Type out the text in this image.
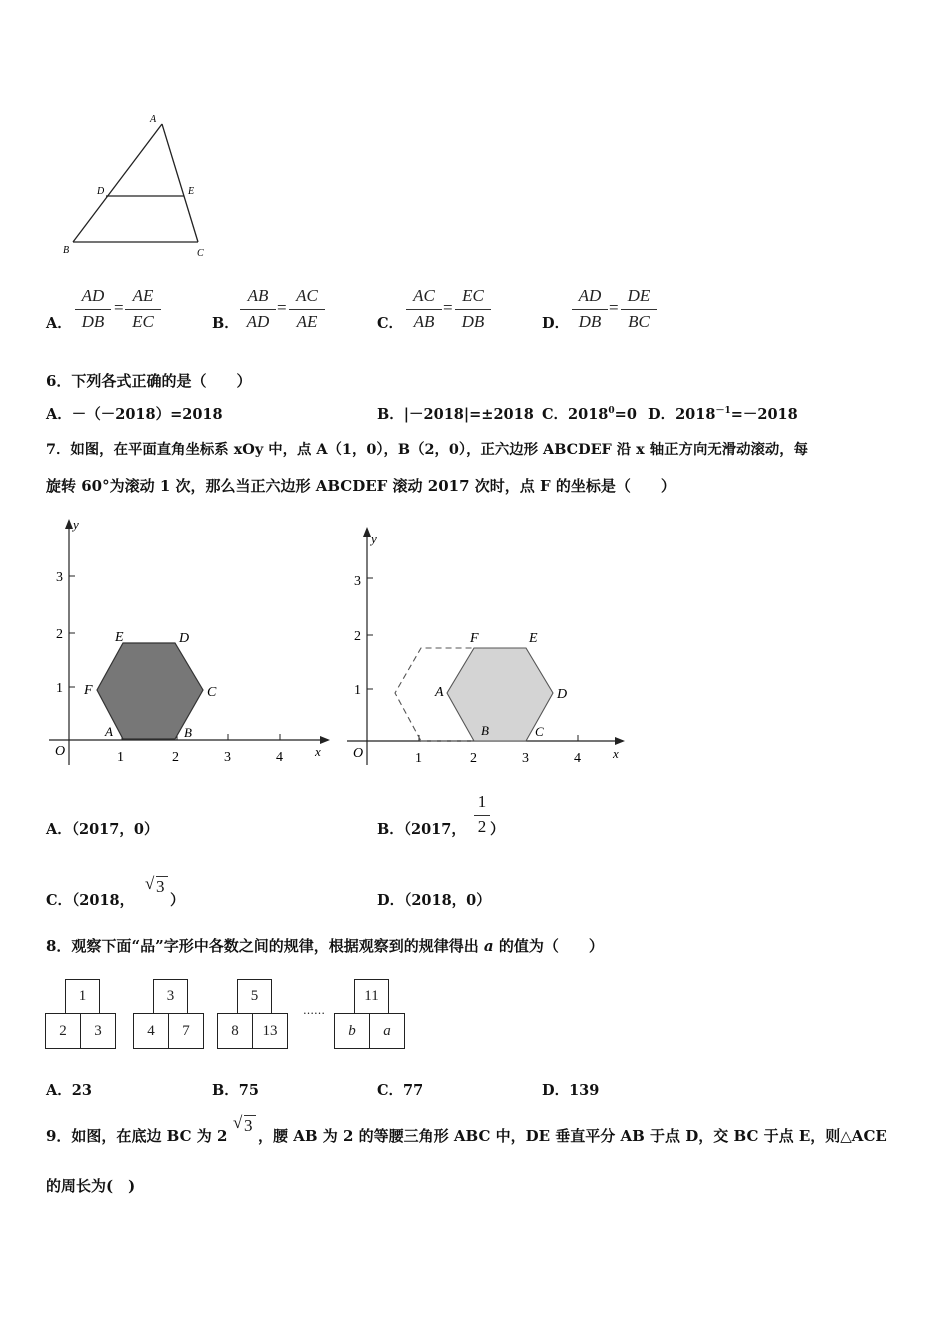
A
D	E
B	C
A．
AD
DB
=
AE
EC	B．
AB
AD
=
AC
AE	C．
AC
AB
=
EC
DB	D．
AD
DB
=
DE
BC
6．下列各式正确的是（　　）
A．－（－2018）=2018	B．|－2018|=±2018 C．$2018^0=0$ D．$2018^{-1}=-2018$
7．如图，在平面直角坐标系 xOy 中，点 A（1，0），B（2，0），正六边形 ABCDEF 沿 x 轴正方向无滑动滚动，每
旋转 60°为滚动 1 次，那么当正六边形 ABCDEF 滚动 2017 次时，点 F 的坐标是（　　）
y
x
O	1	2	3	4
1
2
3
E	D
F	C
A	B
y
x
O	1	2	3	4
1
2
3
F	E
A	D
B	C
A．（2017，0）	B．（2017，
1
2 ）
C．（2018，
√ 3
）	D．（2018，0）
8．观察下面“品”字形中各数之间的规律，根据观察到的规律得出 a 的值为（　　）
1
2	3
3
4	7
5
8	13
……
11
b	a
A．23	B．75	C．77	D．139
9．如图，在底边 BC 为 2
√ 3
，腰 AB 为 2 的等腰三角形 ABC 中，DE 垂直平分 AB 于点 D，交 BC 于点 E，则△ACE
的周长为(　)
